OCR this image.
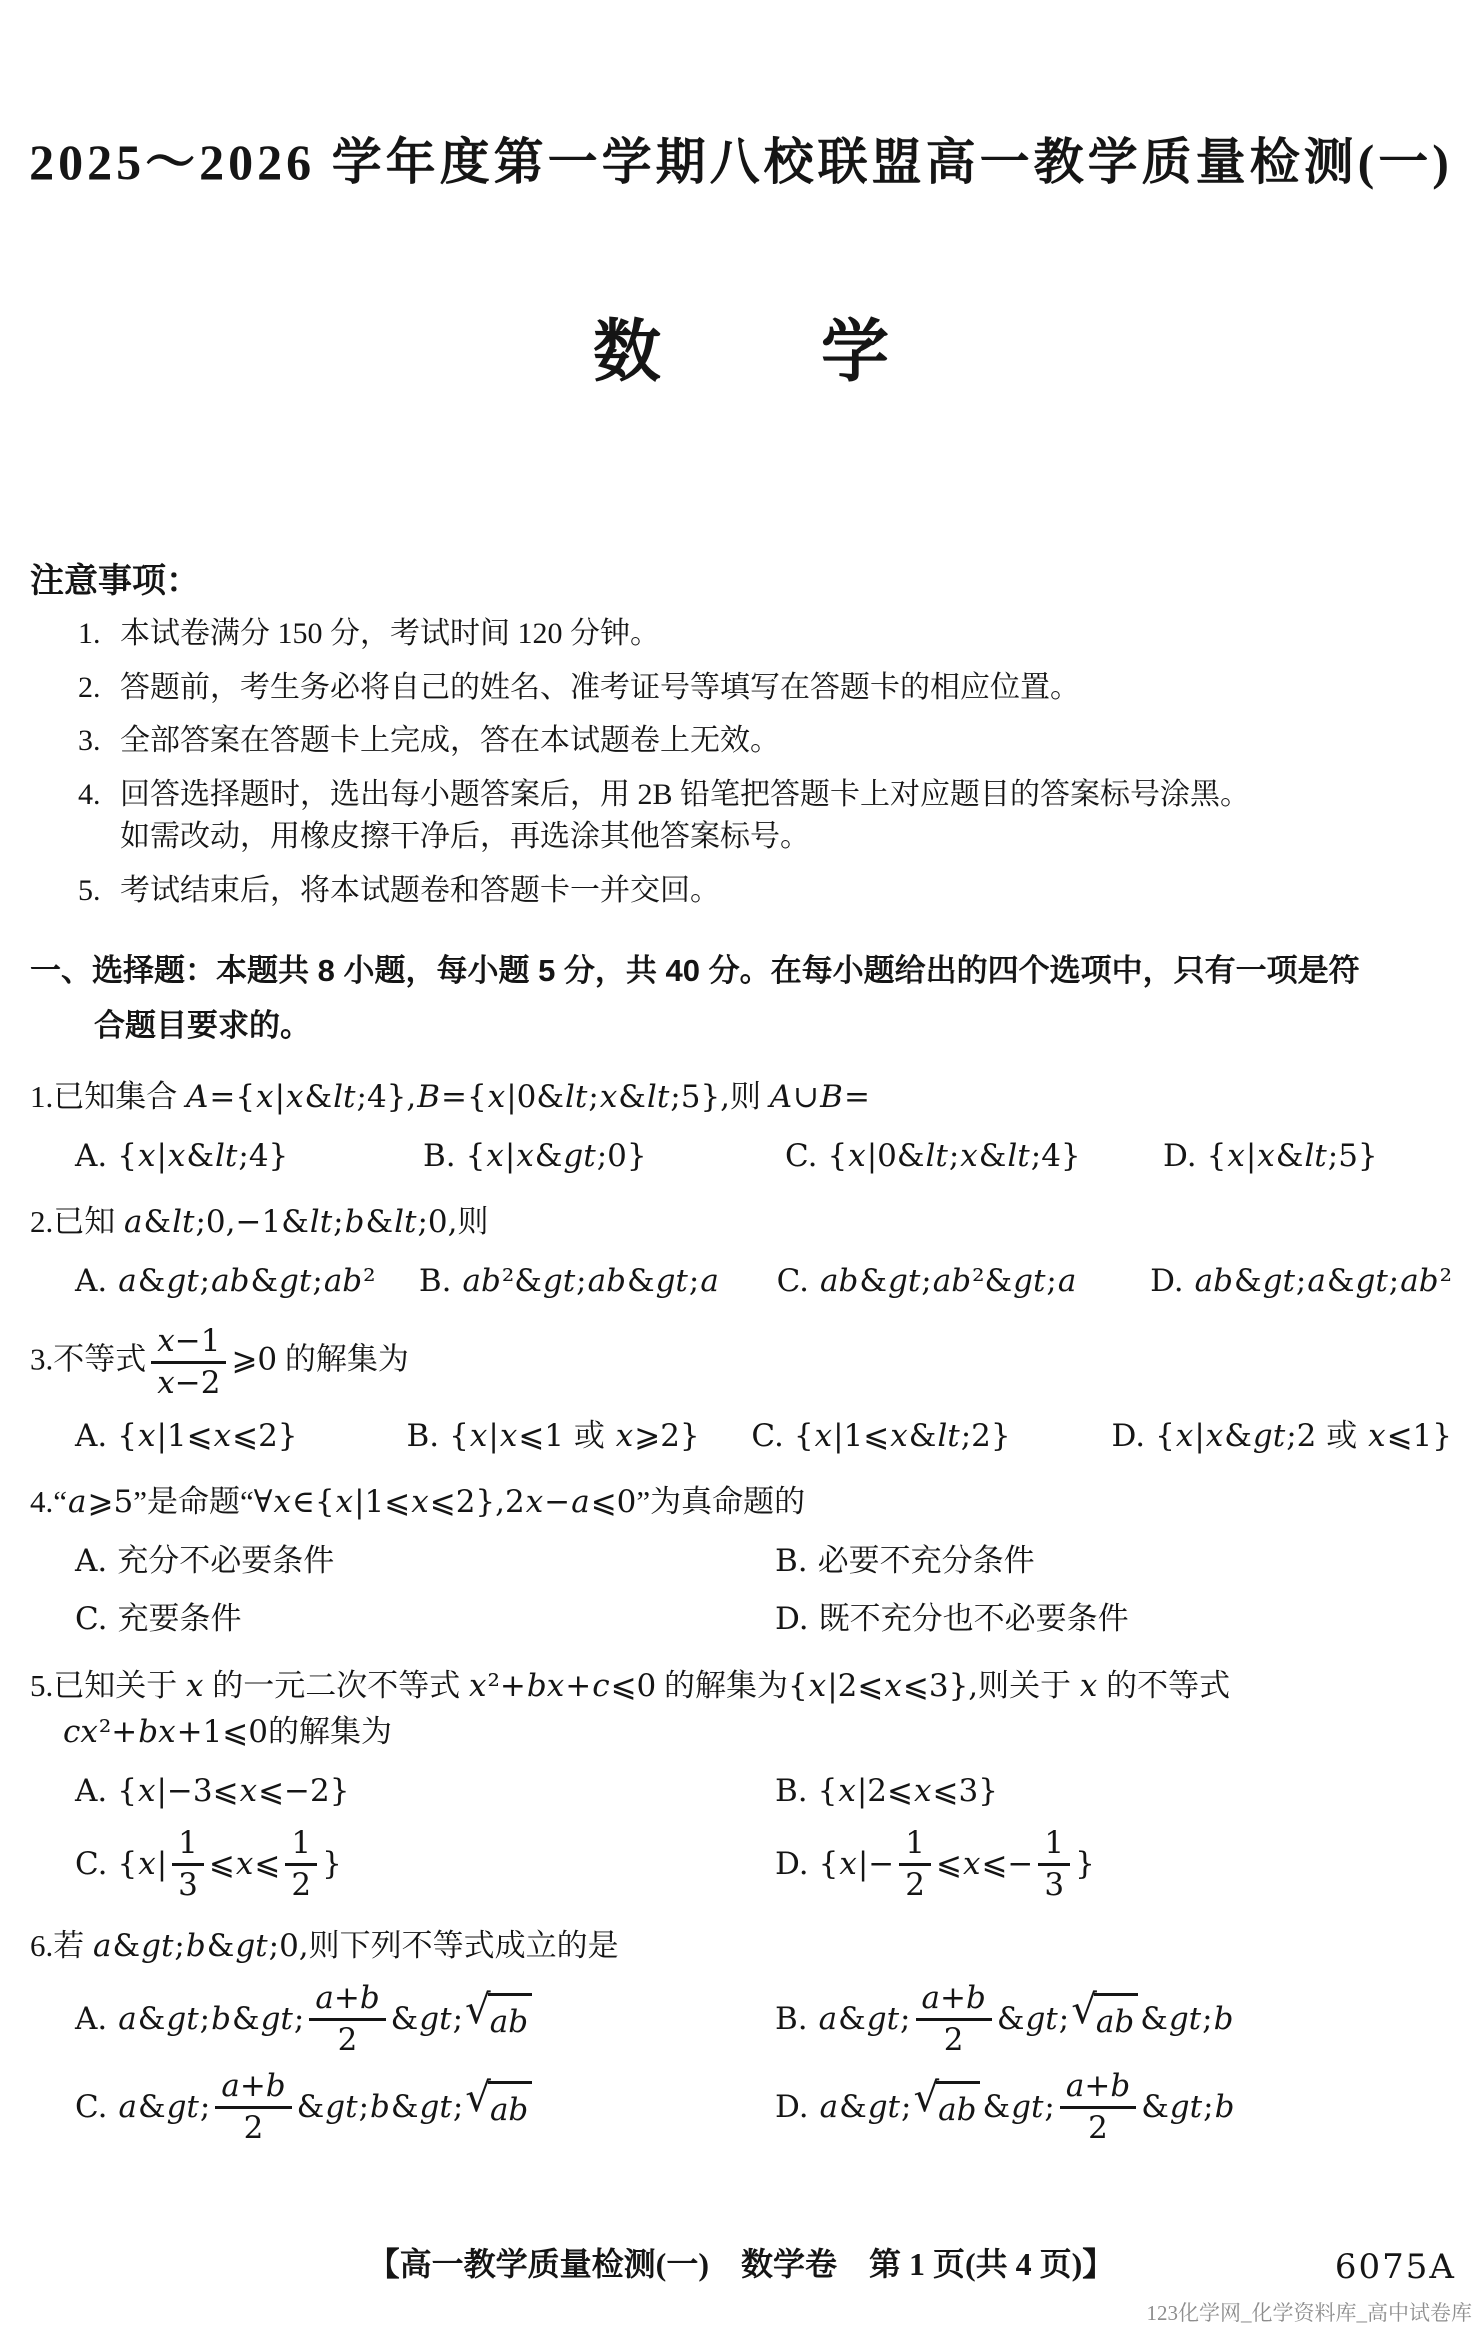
2025～2026 学年度第一学期八校联盟高一教学质量检测(一)
数 学
注意事项：
1. 本试卷满分 150 分，考试时间 120 分钟。
2. 答题前，考生务必将自己的姓名、准考证号等填写在答题卡的相应位置。
3. 全部答案在答题卡上完成，答在本试题卷上无效。
4. 回答选择题时，选出每小题答案后，用 2B 铅笔把答题卡上对应题目的答案标号涂黑。
如需改动，用橡皮擦干净后，再选涂其他答案标号。
5. 考试结束后，将本试题卷和答题卡一并交回。
一、选择题：本题共 8 小题，每小题 5 分，共 40 分。在每小题给出的四个选项中，只有一项是符
合题目要求的。
1.已知集合 A={x|x&lt;4},B={x|0&lt;x&lt;5},则 A∪B=
A. {x|x&lt;4}	B. {x|x&gt;0}	C. {x|0&lt;x&lt;4}	D. {x|x&lt;5}
2.已知 a&lt;0,−1&lt;b&lt;0,则
A. a&gt;ab&gt;ab² B. ab²&gt;ab&gt;a C. ab&gt;ab²&gt;a D. ab&gt;a&gt;ab²
3.不等式 $\frac{x-1}{x-2}$ ⩾0 的解集为
A. {x|1⩽x⩽2}	B. {x|x⩽1 或 x⩾2} C. {x|1⩽x&lt;2}	D. {x|x&gt;2 或 x⩽1}
4.“a⩾5”是命题“∀x∈{x|1⩽x⩽2},2x−a⩽0”为真命题的
A. 充分不必要条件	B. 必要不充分条件
C. 充要条件	D. 既不充分也不必要条件
5.已知关于 x 的一元二次不等式 x²+bx+c⩽0 的解集为{x|2⩽x⩽3},则关于 x 的不等式
cx²+bx+1⩽0的解集为
A. {x|−3⩽x⩽−2}	B. {x|2⩽x⩽3}
C. {$x| \frac{1}{3}$ ⩽x⩽ $\frac{1}{2}$ }	D. {$x|- \frac{1}{2}$ ⩽x⩽− $\frac{1}{3}$ }
6.若 a&gt;b&gt;0,则下列不等式成立的是
A. a&gt;b&gt; $\frac{a+b}{2}$ &gt; √ ab	B. a&gt; $\frac{a+b}{2}$ &gt; √ ab &gt;b
C. a&gt; $\frac{a+b}{2}$ &gt;b&gt; √ ab	D. a&gt; √ ab &gt; $\frac{a+b}{2}$ &gt;b
【高一教学质量检测(一)　数学卷　第 1 页(共 4 页)】	6075A
123化学网_化学资料库_高中试卷库
